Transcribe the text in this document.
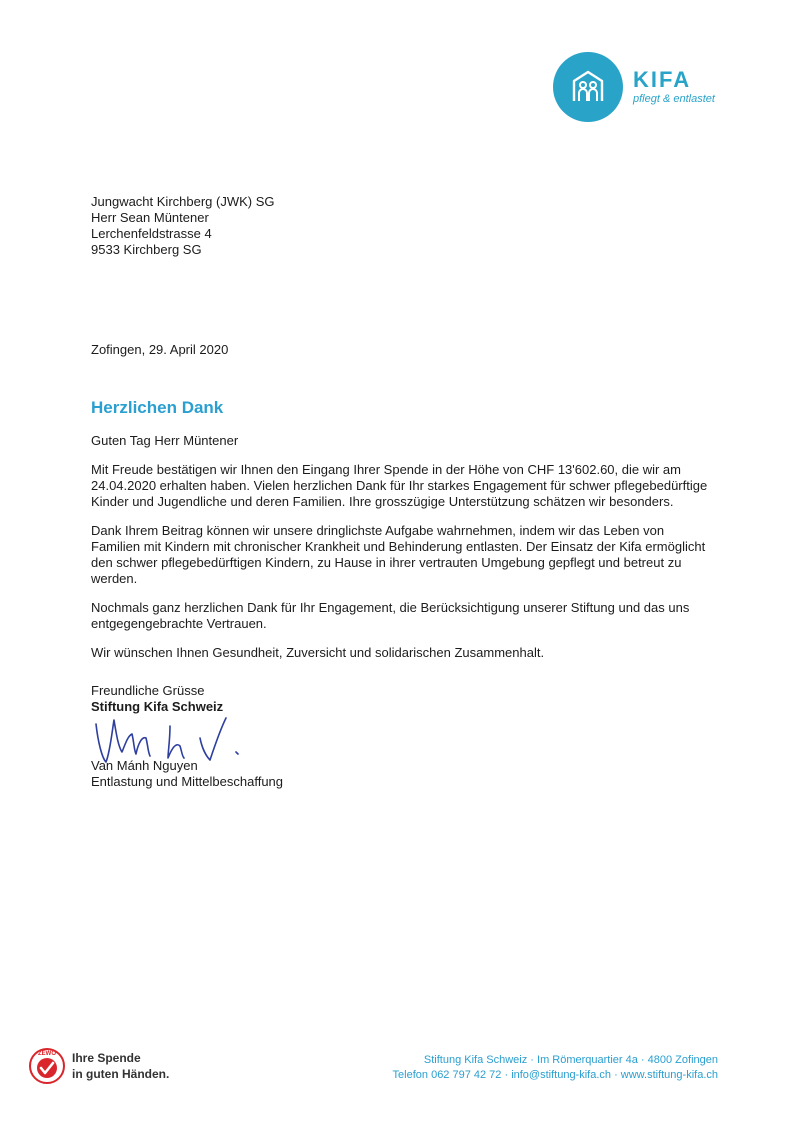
KIFA
pflegt & entlastet
Jungwacht Kirchberg (JWK) SG
Herr Sean Müntener
Lerchenfeldstrasse 4
9533 Kirchberg SG
Zofingen, 29. April 2020
Herzlichen Dank

Guten Tag Herr Müntener

Mit Freude bestätigen wir Ihnen den Eingang Ihrer Spende in der Höhe von CHF 13'602.60, die wir am 24.04.2020 erhalten haben. Vielen herzlichen Dank für Ihr starkes Engagement für schwer pflegebedürftige Kinder und Jugendliche und deren Familien. Ihre grosszügige Unterstützung schätzen wir besonders.

Dank Ihrem Beitrag können wir unsere dringlichste Aufgabe wahrnehmen, indem wir das Leben von Familien mit Kindern mit chronischer Krankheit und Behinderung entlasten. Der Einsatz der Kifa ermöglicht den schwer pflegebedürftigen Kindern, zu Hause in ihrer vertrauten Umgebung gepflegt und betreut zu werden.

Nochmals ganz herzlichen Dank für Ihr Engagement, die Berücksichtigung unserer Stiftung und das uns entgegengebrachte Vertrauen.

Wir wünschen Ihnen Gesundheit, Zuversicht und solidarischen Zusammenhalt.

Freundliche Grüsse
Stiftung Kifa Schweiz
Van Mánh Nguyen
Entlastung und Mittelbeschaffung
ZEWO Ihre Spende
in guten Händen.
Stiftung Kifa Schweiz · Im Römerquartier 4a · 4800 Zofingen
Telefon 062 797 42 72 · info@stiftung-kifa.ch · www.stiftung-kifa.ch
